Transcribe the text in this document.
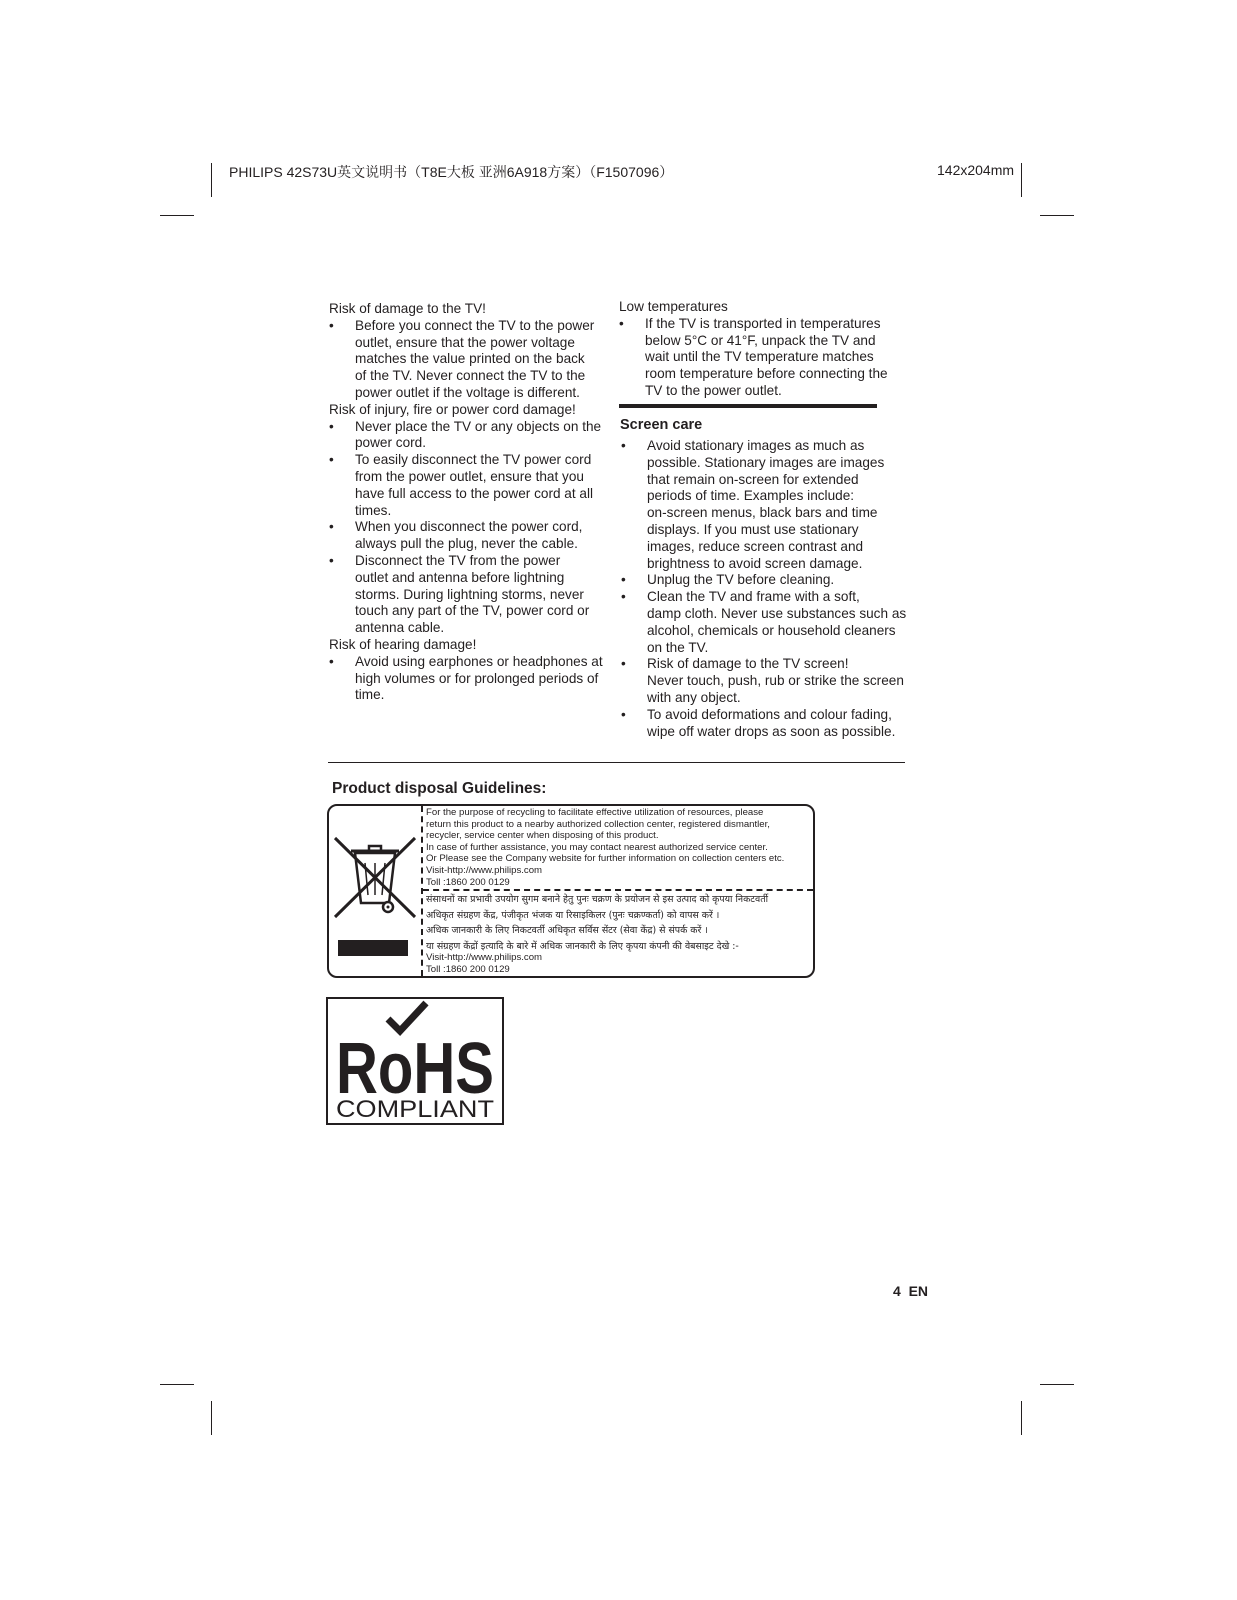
PHILIPS 42S73U英文说明书（T8E大板 亚洲6A918方案）（F1507096）	142x204mm
Risk of damage to the TV!
• Before you connect the TV to the power
outlet, ensure that the power voltage
matches the value printed on the back
of the TV. Never connect the TV to the
power outlet if the voltage is different.
Risk of injury, fire or power cord damage!
• Never place the TV or any objects on the
power cord.
• To easily disconnect the TV power cord
from the power outlet, ensure that you
have full access to the power cord at all
times.
• When you disconnect the power cord,
always pull the plug, never the cable.
• Disconnect the TV from the power
outlet and antenna before lightning
storms. During lightning storms, never
touch any part of the TV, power cord or
antenna cable.
Risk of hearing damage!
• Avoid using earphones or headphones at
high volumes or for prolonged periods of
time.
Low temperatures
• If the TV is transported in temperatures
below 5°C or 41°F, unpack the TV and
wait until the TV temperature matches
room temperature before connecting the
TV to the power outlet.
Screen care
• Avoid stationary images as much as
possible. Stationary images are images
that remain on-screen for extended
periods of time. Examples include:
on-screen menus, black bars and time
displays. If you must use stationary
images, reduce screen contrast and
brightness to avoid screen damage.
• Unplug the TV before cleaning.
• Clean the TV and frame with a soft,
damp cloth. Never use substances such as
alcohol, chemicals or household cleaners
on the TV.
• Risk of damage to the TV screen!
Never touch, push, rub or strike the screen
with any object.
• To avoid deformations and colour fading,
wipe off water drops as soon as possible.
Product disposal Guidelines:
For the purpose of recycling to facilitate effective utilization of resources, please
return this product to a nearby authorized collection center, registered dismantler,
recycler, service center when disposing of this product.
In case of further assistance, you may contact nearest authorized service center.
Or Please see the Company website for further information on collection centers etc.
Visit-http://www.philips.com
Toll :1860 200 0129
संसाधनों का प्रभावी उपयोग सुगम बनाने हेतु पुनः चक्रण के प्रयोजन से इस उत्पाद को कृपया निकटवर्ती
अधिकृत संग्रहण केंद्र, पंजीकृत भंजक या रिसाइकिलर (पुनः चक्रण्कर्ता) को वापस करें ।
अधिक जानकारी के लिए निकटवर्ती अधिकृत सर्विस सेंटर (सेवा केंद्र) से संपर्क करें ।
या संग्रहण केंद्रों इत्यादि के बारे में अधिक जानकारी के लिए कृपया कंपनी की वेबसाइट देखे :-
Visit-http://www.philips.com
Toll :1860 200 0129
RoHS
COMPLIANT
4  EN
